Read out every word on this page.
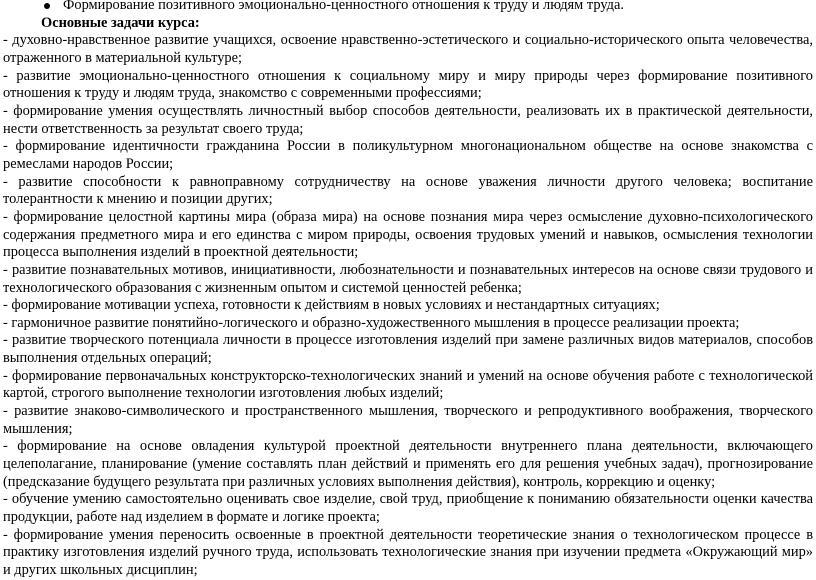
Формирование позитивного эмоционально-ценностного отношения к труду и людям труда.
Основные задачи курса:

- духовно-нравственное развитие учащихся, освоение нравственно-эстетического и социально-исторического опыта человечества, отраженного в материальной культуре;

- развитие эмоционально-ценностного отношения к социальному миру и миру природы через формирование позитивного отношения к труду и людям труда, знакомство с современными профессиями;

- формирование умения осуществлять личностный выбор способов деятельности, реализовать их в практической деятельности, нести ответственность за результат своего труда;

- формирование идентичности гражданина России в поликультурном многонациональном обществе на основе знакомства с ремеслами народов России;

- развитие способности к равноправному сотрудничеству на основе уважения личности другого человека; воспитание толерантности к мнению и позиции других;

- формирование целостной картины мира (образа мира) на основе познания мира через осмысление духовно-психологического содержания предметного мира и его единства с миром природы, освоения трудовых умений и навыков, осмысления технологии процесса выполнения изделий в проектной деятельности;

- развитие познавательных мотивов, инициативности, любознательности и познавательных интересов на основе связи трудового и технологического образования с жизненным опытом и системой ценностей ребенка;

- формирование мотивации успеха, готовности к действиям в новых условиях и нестандартных ситуациях;

- гармоничное развитие понятийно-логического и образно-художественного мышления в процессе реализации проекта;

- развитие творческого потенциала личности в процессе изготовления изделий при замене различных видов материалов, способов выполнения отдельных операций;

- формирование первоначальных конструкторско-технологических знаний и умений на основе обучения работе с технологической картой, строгого выполнение технологии изготовления любых изделий;

- развитие знаково-символического и пространственного мышления, творческого и репродуктивного воображения, творческого мышления;

- формирование на основе овладения культурой проектной деятельности внутреннего плана деятельности, включающего целеполагание, планирование (умение составлять план действий и применять его для решения учебных задач), прогнозирование (предсказание будущего результата при различных условиях выполнения действия), контроль, коррекцию и оценку;

- обучение умению самостоятельно оценивать свое изделие, свой труд, приобщение к пониманию обязательности оценки качества продукции, работе над изделием в формате и логике проекта;

- формирование умения переносить освоенные в проектной деятельности теоретические знания о технологическом процессе в практику изготовления изделий ручного труда, использовать технологические знания при изучении предмета «Окружающий мир» и других школьных дисциплин;
